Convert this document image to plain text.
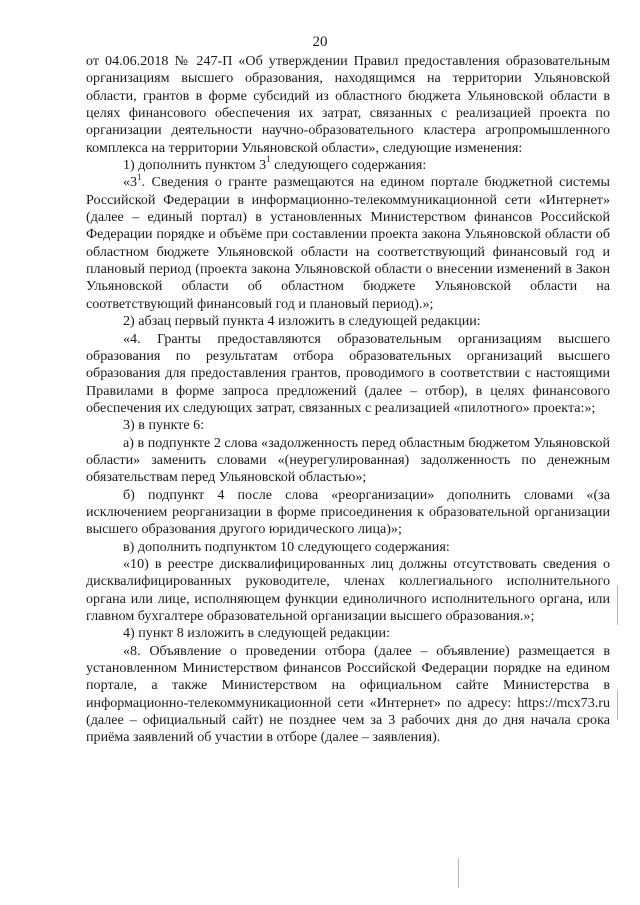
20

от 04.06.2018 № 247-П «Об утверждении Правил предоставления образовательным организациям высшего образования, находящимся на территории Ульяновской области, грантов в форме субсидий из областного бюджета Ульяновской области в целях финансового обеспечения их затрат, связанных с реализацией проекта по организации деятельности научно-образовательного кластера агропромышленного комплекса на территории Ульяновской области», следующие изменения:

1) дополнить пунктом $3^1$ следующего содержания:

«$3^1$. Сведения о гранте размещаются на едином портале бюджетной системы Российской Федерации в информационно-телекоммуникационной сети «Интернет» (далее – единый портал) в установленных Министерством финансов Российской Федерации порядке и объёме при составлении проекта закона Ульяновской области об областном бюджете Ульяновской области на соответствующий финансовый год и плановый период (проекта закона Ульяновской области о внесении изменений в Закон Ульяновской области об областном бюджете Ульяновской области на соответствующий финансовый год и плановый период).»;

2) абзац первый пункта 4 изложить в следующей редакции:

«4. Гранты предоставляются образовательным организациям высшего образования по результатам отбора образовательных организаций высшего образования для предоставления грантов, проводимого в соответствии с настоящими Правилами в форме запроса предложений (далее – отбор), в целях финансового обеспечения их следующих затрат, связанных с реализацией «пилотного» проекта:»;

3) в пункте 6:

а) в подпункте 2 слова «задолженность перед областным бюджетом Ульяновской области» заменить словами «(неурегулированная) задолженность по денежным обязательствам перед Ульяновской областью»;

б) подпункт 4 после слова «реорганизации» дополнить словами «(за исключением реорганизации в форме присоединения к образовательной организации высшего образования другого юридического лица)»;

в) дополнить подпунктом 10 следующего содержания:

«10) в реестре дисквалифицированных лиц должны отсутствовать сведения о дисквалифицированных руководителе, членах коллегиального исполнительного органа или лице, исполняющем функции единоличного исполнительного органа, или главном бухгалтере образовательной организации высшего образования.»;

4) пункт 8 изложить в следующей редакции:

«8. Объявление о проведении отбора (далее – объявление) размещается в установленном Министерством финансов Российской Федерации порядке на едином портале, а также Министерством на официальном сайте Министерства в информационно-телекоммуникационной сети «Интернет» по адресу: https://mcx73.ru (далее – официальный сайт) не позднее чем за 3 рабочих дня до дня начала срока приёма заявлений об участии в отборе (далее – заявления).
